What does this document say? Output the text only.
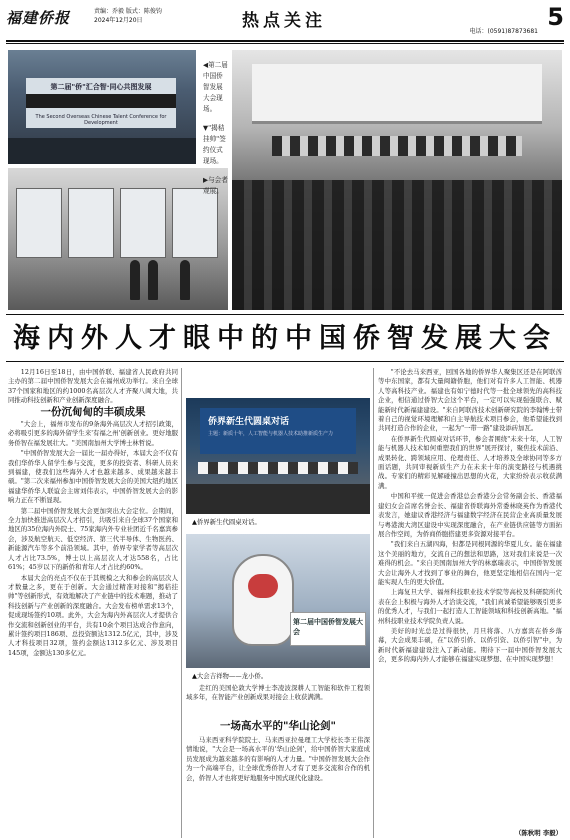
福建侨报	责编：乔毅 版式：陈俊钧
2024年12月20日	热点关注
电话：(0591)87873681
5
第二届"侨"汇合智·同心共图发展
The Second Overseas Chinese Talent Conference for Development

◀第二届中国侨智发展大会现场。

▼"揭秸挂帅"签约仪式现场。

▶与会者观展。

海内外人才眼中的中国侨智发展大会

12月16日至18日，由中国侨联、福建省人民政府共同主办的第二届中国侨智发展大会在福州成功举行。来自全球37个国家和地区的约1000名高层次人才齐聚八闽大地，共同推动科技创新和产业创新深度融合。

一份沉甸甸的丰硕成果

"大会上，福州市发布的9条海外高层次人才招引政策，必将吸引更多的海外留学生来'有福之州'创新创业。更好地服务侨智在福发展壮大。"美国南加州大学博士林哲说。

"中国侨智发展大会一届比一届办得好，本届大会不仅有我们华侨华人留学生参与交流，更多的投资者、科研人员来到福建，使我们这些海外人才也越来越多、成果越来越丰硕。"第二次来福州参加中国侨智发展大会的美国大纽约地区福建华侨华人联谊会主席刘伟表示，中国侨智发展大会的影响力正在不断显现。

第二届中国侨智发展大会更加突出大会定位。会期间，全力加快推进高层次人才招引，共吸引来自全球37个国家和地区的35位海内外院士、75家海内外专业社团近千名嘉宾参会，涉及航空航天、低空经济、第三代半导体、生物医药、新能源汽车等多个前沿领域。其中，侨界专家学者等高层次人才占比73.5%，博士以上高层次人才达558名，占比61%；45岁以下的新侨和青年人才占比约60%。

本届大会的亮点不仅在于其规模之大和参会的高层次人才数量之多，更在于创新。大会通过精准对接和"揭秸挂帅"等创新形式，有效地解决了产业链中的技术难题，推动了科技创新与产业创新的深度融合。大会发布榜单需求13个，促成现场签约10项。此外，大会为海内外高层次人才提供合作交流和创新创业的平台，共有10余个项目达成合作意向，累计签约项目186项、总投资额达1312.5亿元，其中，涉及人才科技项目32项，签约金额达1312多亿元、涉及项目145项，金额达130多亿元。

侨界新生代圆桌对话
主题：新质十年，人工智能与机器人技术助推新质生产力
▲侨界新生代圆桌对话。
第二届中国侨智发展大会
▲大会吉祥物——龙小侨。

走红的美国伦敦大学博士李凌波深耕人工智能和软件工程领域多年，在智能产业创新成果对接会上收获满满。

一场高水平的"华山论剑"

马来西亚科学院院士、马来西亚拉曼理工大学校长李王伟深情地说，"大会是一场高水平的'华山论剑'，给中国侨智大家庭成员发展成为越来越多的有影响的人才力量。"中国侨智发展大会作为一个高端平台，让全球优秀侨智人才有了更多交流和合作的机会，侨智人才也将更好地服务中国式现代化建设。

"不论去马来西亚，回国各地的侨界华人聚集区还是在阿联酋等中东国家，都有大量闽籍侨胞，他们对有许多人工智能、机器人等高科技产业。福建也有如宁德时代等一批全球领先的高科技企业，相信通过侨智大会这个平台，一定可以实现强强联合、赋能新时代新福建建设。"来自阿联酋技术创新研究院的李翰博士带着自己的视觉环境理解和自主导航技术项目参会，他希望能找到共同打造合作的企业，一起为"一带一路"建设添砖加瓦。

在侨界新生代圆桌对话环节，参会者围绕"未来十年，人工智能与机器人技术如何重塑我们的世界"展开探讨，聚焦技术前沿、成果转化、跨领域应用、伦理责任、人才培养及全球协同等多方面话题，共同审视新质生产力在未来十年的演变路径与机遇挑战。专家们的精彩见解碰撞出思想的火花，大家纷纷表示收获满满。

中国和平统一促进会香港总会香港分会常务副会长、香港福建妇女会首席名誉会长、福建省侨联海外常委林晓英作为香港代表发言，她建议香港经济与福建数字经济在民营企业高质量发展与粤港澳大湾区建设中实现深度融合，在产业链供应链等方面拓展合作空间，为侨商侨胞搭建更多资源对接平台。

"我们来自五湖四海，但都是同根同源的华夏儿女。能在福建这个美丽的地方，交流自己的想法和思路，这对我们来说是一次难得的机会。"来自美国南加州大学的林嘉瑞表示，中国侨智发展大会让海外人才找到了事业的舞台，他更坚定地相信在国内一定能实现人生的更大价值。

上海复旦大学、福州科技职业技术学院等高校及科研院所代表在会上积极与海外人才洽谈交流，"我们真诚希望能够吸引更多的优秀人才，与我们一起打造人工智能领域和科技创新高地。"福州科技职业技术学院负责人说。

美好的时光总是过得很快，月旦将落、八方嘉宾在侨乡落幕，大会成果丰硕，在"以侨引侨、以侨引资、以侨引智"中，为新时代新福建建设注入了新动能。期待下一届中国侨智发展大会，更多的海内外人才能够在福建实现梦想、在中国实现梦想！

（陈秋明 李毅）
